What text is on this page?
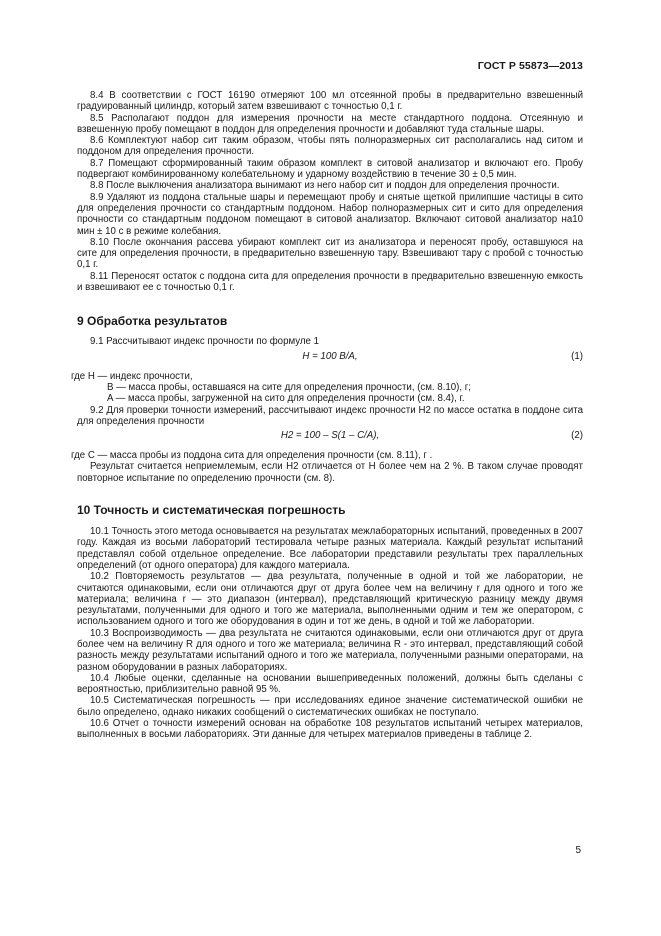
ГОСТ Р 55873—2013

8.4 В соответствии с ГОСТ 16190 отмеряют 100 мл отсеянной пробы в предварительно взвешенный градуированный цилиндр, который затем взвешивают с точностью 0,1 г.

8.5 Располагают поддон для измерения прочности на месте стандартного поддона. Отсеянную и взвешенную пробу помещают в поддон для определения прочности и добавляют туда стальные шары.

8.6 Комплектуют набор сит таким образом, чтобы пять полноразмерных сит располагались над ситом и поддоном для определения прочности.

8.7 Помещают сформированный таким образом комплект в ситовой анализатор и включают его. Пробу подвергают комбинированному колебательному и ударному воздействию в течение 30 ± 0,5 мин.

8.8 После выключения анализатора вынимают из него набор сит и поддон для определения прочности.

8.9 Удаляют из поддона стальные шары и перемещают пробу и снятые щеткой прилипшие частицы в сито для определения прочности со стандартным поддоном. Набор полноразмерных сит и сито для определения прочности со стандартным поддоном помещают в ситовой анализатор. Включают ситовой анализатор на10 мин ± 10 с в режиме колебания.

8.10 После окончания рассева убирают комплект сит из анализатора и переносят пробу, оставшуюся на сите для определения прочности, в предварительно взвешенную тару. Взвешивают тару с пробой с точностью 0,1 г.

8.11 Переносят остаток с поддона сита для определения прочности в предварительно взвешенную емкость и взвешивают ее с точностью 0,1 г.

9 Обработка результатов

9.1 Рассчитывают индекс прочности по формуле 1

H = 100 B/A,	(1)

где H — индекс прочности,

B — масса пробы, оставшаяся на сите для определения прочности, (см. 8.10), г;

A — масса пробы, загруженной на сито для определения прочности (см. 8.4), г.

9.2 Для проверки точности измерений, рассчитывают индекс прочности H2 по массе остатка в поддоне сита для определения прочности

H2 = 100 – S(1 – C/A),	(2)

где C — масса пробы из поддона сита для определения прочности (см. 8.11), г .

Результат считается неприемлемым, если H2 отличается от H более чем на 2 %. В таком случае проводят повторное испытание по определению прочности (см. 8).

10 Точность и систематическая погрешность

10.1 Точность этого метода основывается на результатах межлабораторных испытаний, проведенных в 2007 году. Каждая из восьми лабораторий тестировала четыре разных материала. Каждый результат испытаний представлял собой отдельное определение. Все лаборатории представили результаты трех параллельных определений (от одного оператора) для каждого материала.

10.2 Повторяемость результатов — два результата, полученные в одной и той же лаборатории, не считаются одинаковыми, если они отличаются друг от друга более чем на величину r для одного и того же материала; величина r — это диапазон (интервал), представляющий критическую разницу между двумя результатами, полученными для одного и того же материала, выполненными одним и тем же оператором, с использованием одного и того же оборудования в один и тот же день, в одной и той же лаборатории.

10.3 Воспроизводимость — два результата не считаются одинаковыми, если они отличаются друг от друга более чем на величину R для одного и того же материала; величина R - это интервал, представляющий собой разность между результатами испытаний одного и того же материала, полученными разными операторами, на разном оборудовании в разных лабораториях.

10.4 Любые оценки, сделанные на основании вышеприведенных положений, должны быть сделаны с вероятностью, приблизительно равной 95 %.

10.5 Систематическая погрешность — при исследованиях единое значение систематической ошибки не было определено, однако никаких сообщений о систематических ошибках не поступало.

10.6 Отчет о точности измерений основан на обработке 108 результатов испытаний четырех материалов, выполненных в восьми лабораториях. Эти данные для четырех материалов приведены в таблице 2.

5
